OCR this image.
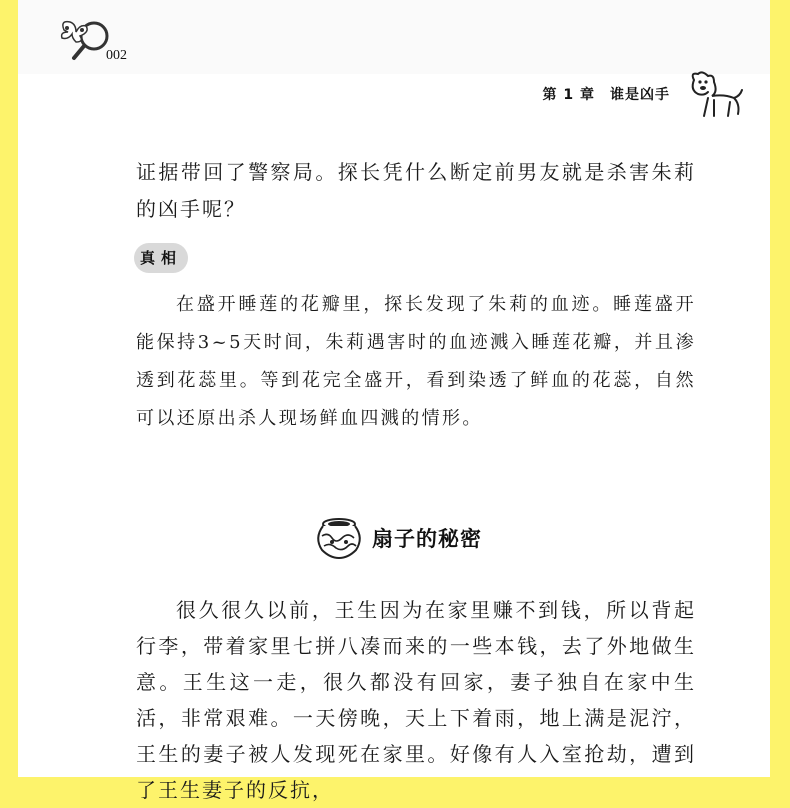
002
第 1 章　谁是凶手
证据带回了警察局。探长凭什么断定前男友就是杀害朱莉的凶手呢？
真相
在盛开睡莲的花瓣里，探长发现了朱莉的血迹。睡莲盛开能保持3~5天时间，朱莉遇害时的血迹溅入睡莲花瓣，并且渗透到花蕊里。等到花完全盛开，看到染透了鲜血的花蕊，自然可以还原出杀人现场鲜血四溅的情形。
扇子的秘密
很久很久以前，王生因为在家里赚不到钱，所以背起行李，带着家里七拼八凑而来的一些本钱，去了外地做生意。王生这一走，很久都没有回家，妻子独自在家中生活，非常艰难。一天傍晚，天上下着雨，地上满是泥泞，王生的妻子被人发现死在家里。好像有人入室抢劫，遭到了王生妻子的反抗，
